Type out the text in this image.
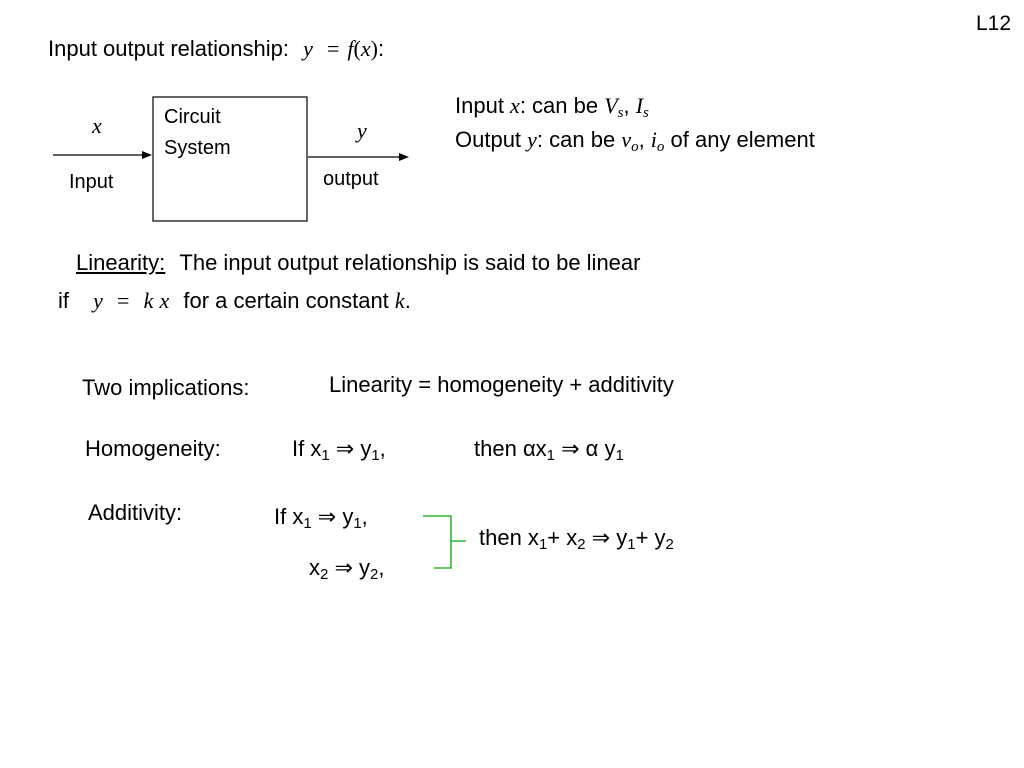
L12
Input output relationship: y = f(x):
Circuit
System
x
Input
y
output
Input x: can be $V_s$, $I_s$
Output y: can be $v_o$, $i_o$ of any element
Linearity: The input output relationship is said to be linear
if y = k x for a certain constant k.
Two implications:	Linearity = homogeneity + additivity
Homogeneity:	If $x_1$ ⇒ $y_1$,	then $\alpha x_1$ ⇒ α $y_1$
Additivity:	If $x_1$ ⇒ $y_1$,
$x_2$ ⇒ $y_2$,
then $x_1+ x_2$ ⇒ $y_1+ y_2$
